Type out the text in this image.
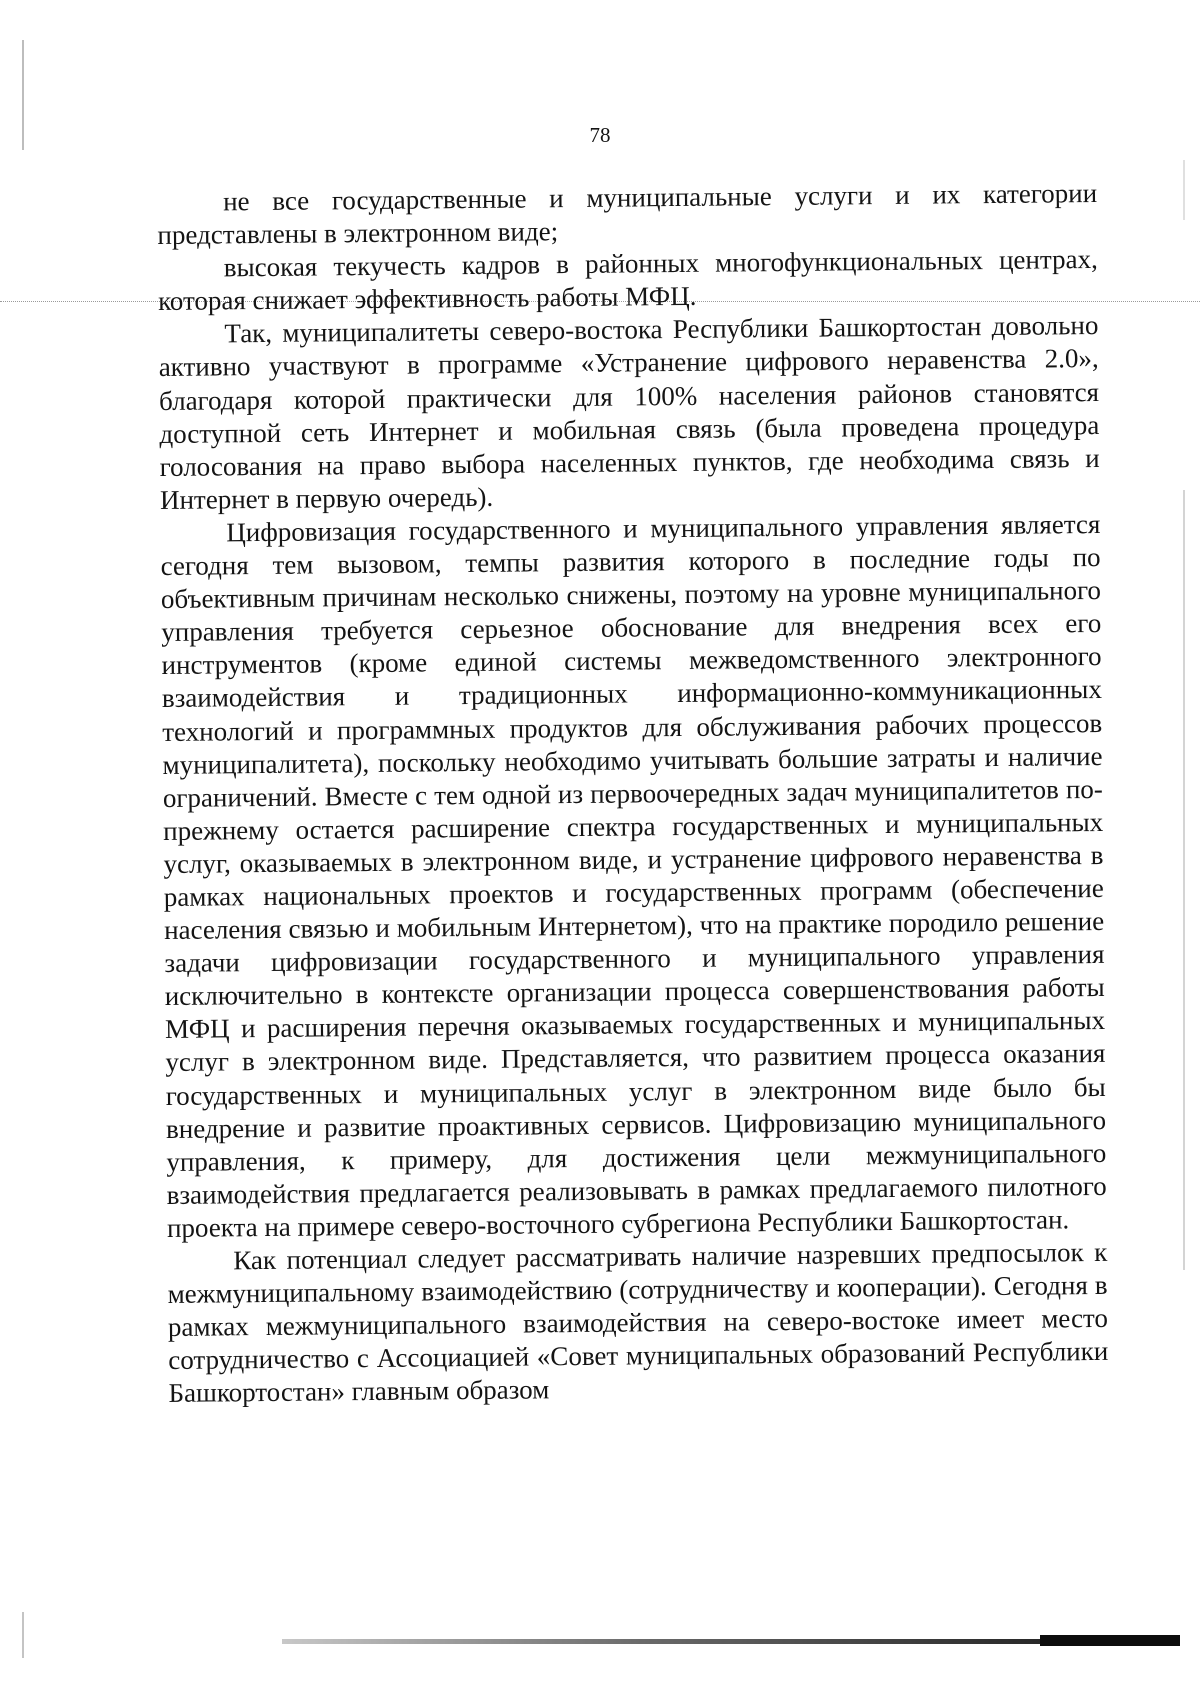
78

не все государственные и муниципальные услуги и их категории представлены в электронном виде;

высокая текучесть кадров в районных многофункциональных центрах, которая снижает эффективность работы МФЦ.

Так, муниципалитеты северо-востока Республики Башкортостан довольно активно участвуют в программе «Устранение цифрового неравенства 2.0», благодаря которой практически для 100% населения районов становятся доступной сеть Интернет и мобильная связь (была проведена процедура голосования на право выбора населенных пунктов, где необходима связь и Интернет в первую очередь).

Цифровизация государственного и муниципального управления является сегодня тем вызовом, темпы развития которого в последние годы по объективным причинам несколько снижены, поэтому на уровне муниципального управления требуется серьезное обоснование для внедрения всех его инструментов (кроме единой системы межведомственного электронного взаимодействия и традиционных информационно-коммуникационных технологий и программных продуктов для обслуживания рабочих процессов муниципалитета), поскольку необходимо учитывать большие затраты и наличие ограничений. Вместе с тем одной из первоочередных задач муниципалитетов по-прежнему остается расширение спектра государственных и муниципальных услуг, оказываемых в электронном виде, и устранение цифрового неравенства в рамках национальных проектов и государственных программ (обеспечение населения связью и мобильным Интернетом), что на практике породило решение задачи цифровизации государственного и муниципального управления исключительно в контексте организации процесса совершенствования работы МФЦ и расширения перечня оказываемых государственных и муниципальных услуг в электронном виде. Представляется, что развитием процесса оказания государственных и муниципальных услуг в электронном виде было бы внедрение и развитие проактивных сервисов. Цифровизацию муниципального управления, к примеру, для достижения цели межмуниципального взаимодействия предлагается реализовывать в рамках предлагаемого пилотного проекта на примере северо-восточного субрегиона Республики Башкортостан.

Как потенциал следует рассматривать наличие назревших предпосылок к межмуниципальному взаимодействию (сотрудничеству и кооперации). Сегодня в рамках межмуниципального взаимодействия на северо-востоке имеет место сотрудничество с Ассоциацией «Совет муниципальных образований Республики Башкортостан» главным образом
